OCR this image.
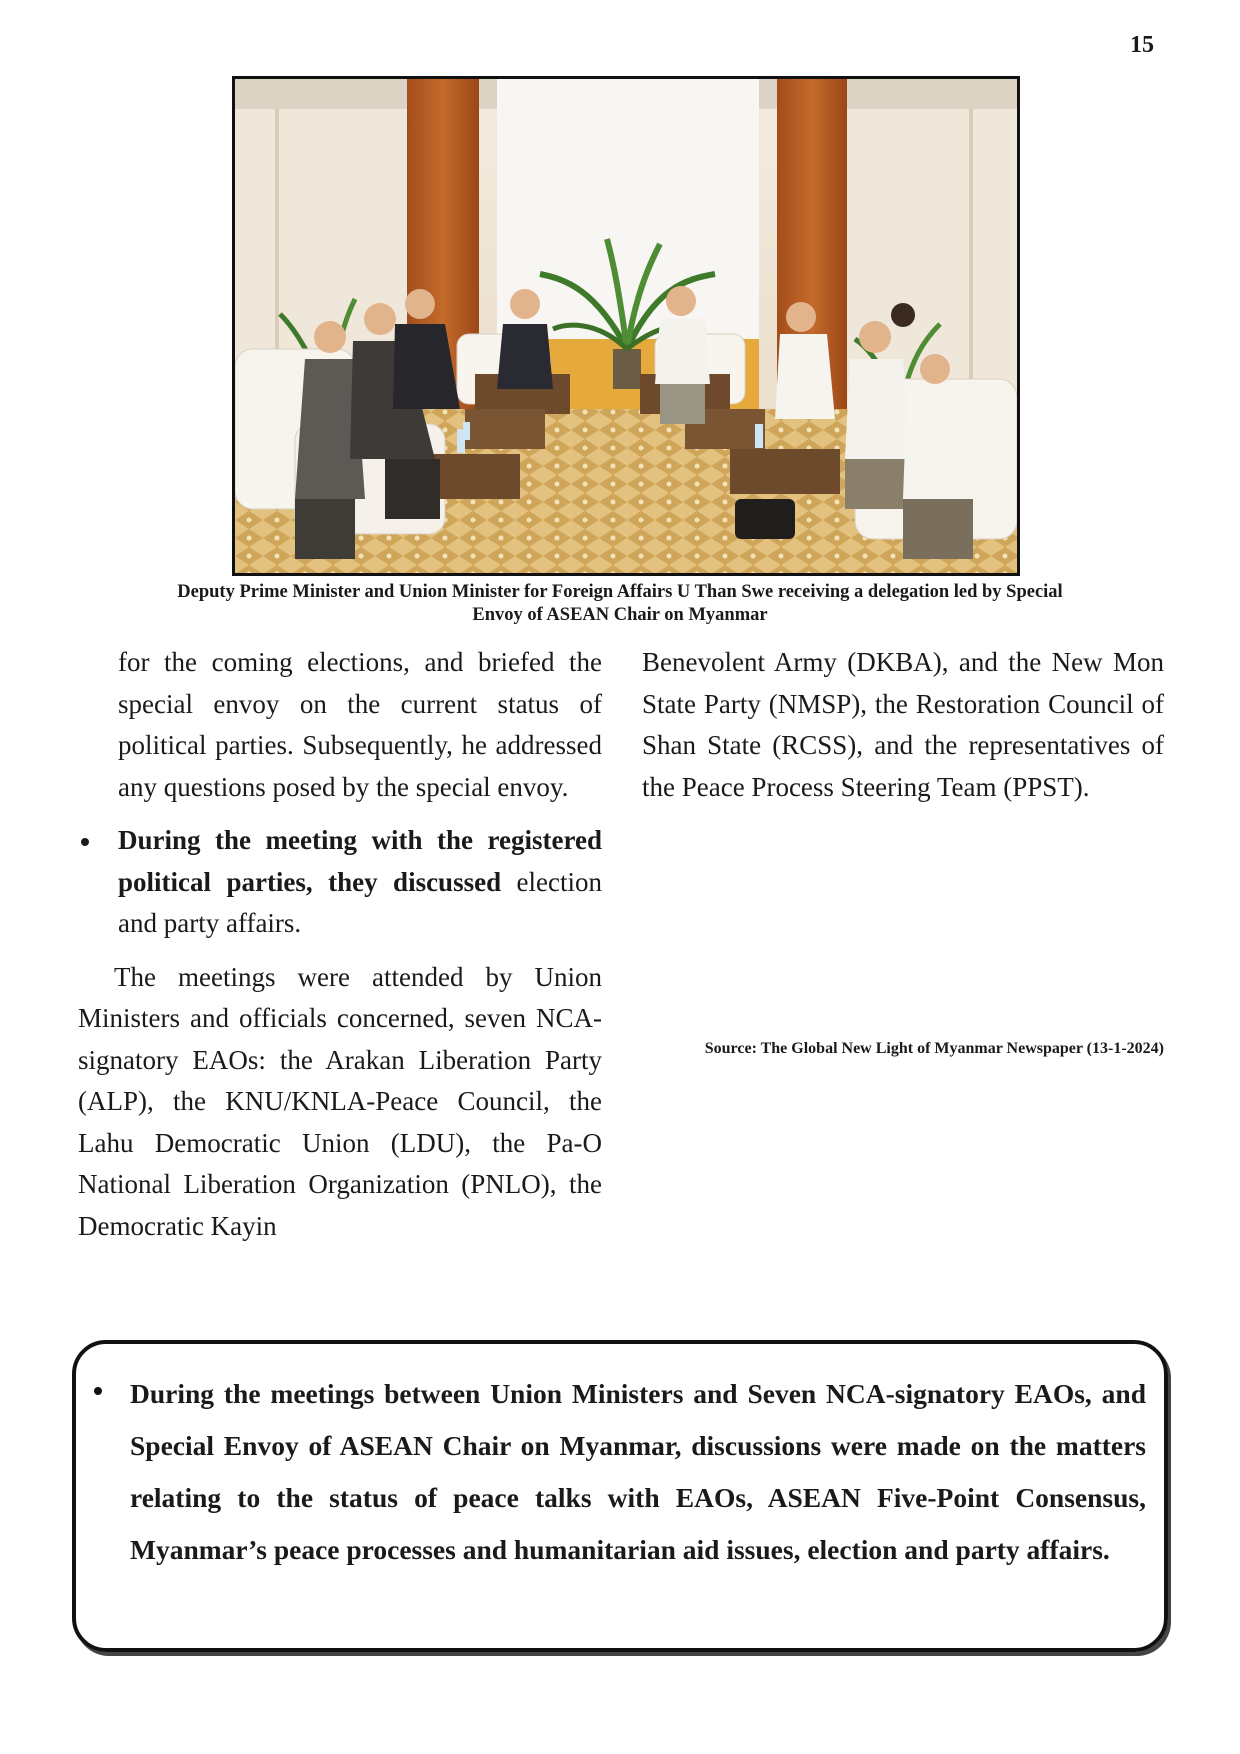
15
Deputy Prime Minister and Union Minister for Foreign Affairs U Than Swe receiving a delegation led by Special Envoy of ASEAN Chair on Myanmar

for the coming elections, and briefed the special envoy on the current status of political parties. Subsequently, he addressed any questions posed by the special envoy.

During the meeting with the registered political parties, they discussed election and party affairs.

The meetings were attended by Union Ministers and officials concerned, seven NCA-signatory EAOs: the Arakan Liberation Party (ALP), the KNU/KNLA-Peace Council, the Lahu Democratic Union (LDU), the Pa-O National Liberation Organization (PNLO), the Democratic Kayin

Benevolent Army (DKBA), and the New Mon State Party (NMSP), the Restoration Council of Shan State (RCSS), and the representatives of the Peace Process Steering Team (PPST).

Source: The Global New Light of Myanmar Newspaper (13-1-2024)
During the meetings between Union Ministers and Seven NCA-signatory EAOs, and Special Envoy of ASEAN Chair on Myanmar, discussions were made on the matters relating to the status of peace talks with EAOs, ASEAN Five-Point Consensus, Myanmar’s peace processes and humanitarian aid issues, election and party affairs.
